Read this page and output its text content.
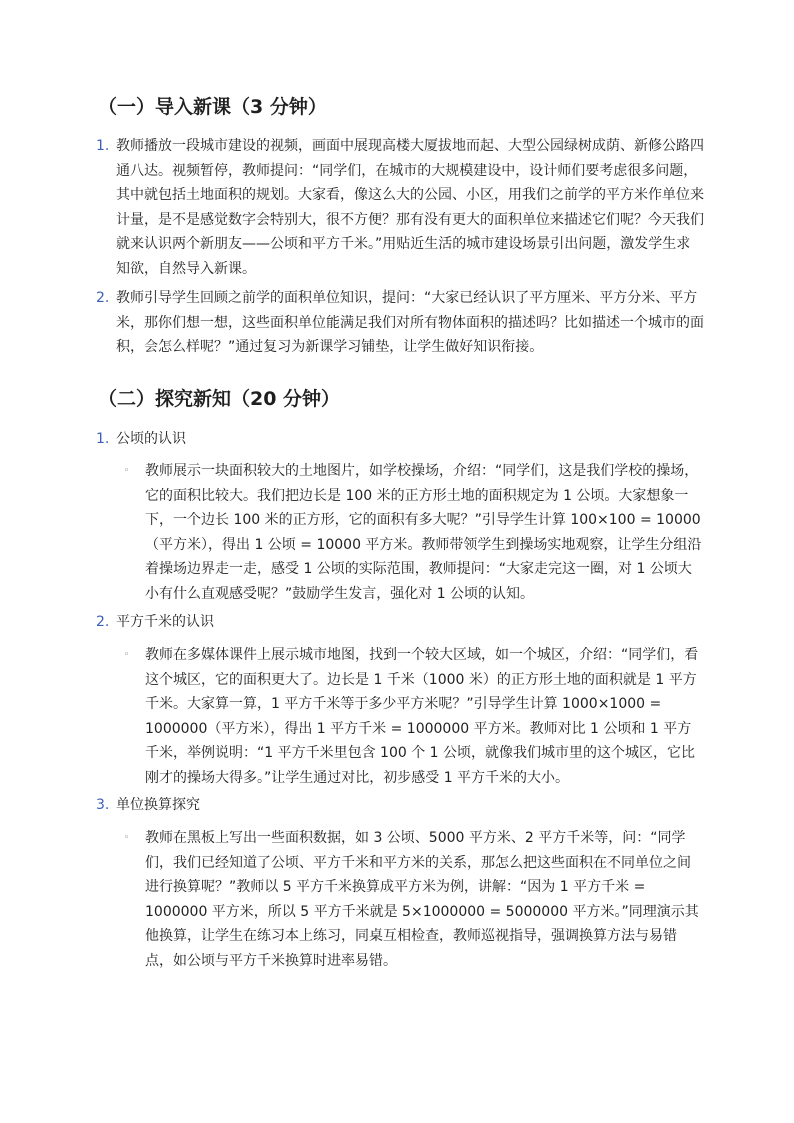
（一）导入新课（3 分钟）
1. 教师播放一段城市建设的视频，画面中展现高楼大厦拔地而起、大型公园绿树成荫、新修公路四通八达。视频暂停，教师提问：“同学们，在城市的大规模建设中，设计师们要考虑很多问题，其中就包括土地面积的规划。大家看，像这么大的公园、小区，用我们之前学的平方米作单位来计量，是不是感觉数字会特别大，很不方便？那有没有更大的面积单位来描述它们呢？今天我们就来认识两个新朋友——公顷和平方千米。”用贴近生活的城市建设场景引出问题，激发学生求知欲，自然导入新课。

2. 教师引导学生回顾之前学的面积单位知识，提问：“大家已经认识了平方厘米、平方分米、平方米，那你们想一想，这些面积单位能满足我们对所有物体面积的描述吗？比如描述一个城市的面积，会怎么样呢？”通过复习为新课学习铺垫，让学生做好知识衔接。

（二）探究新知（20 分钟）
1. 公顷的认识
◦ 教师展示一块面积较大的土地图片，如学校操场，介绍：“同学们，这是我们学校的操场，它的面积比较大。我们把边长是 100 米的正方形土地的面积规定为 1 公顷。大家想象一下，一个边长 100 米的正方形，它的面积有多大呢？”引导学生计算 100×100 = 10000（平方米），得出 1 公顷 = 10000 平方米。教师带领学生到操场实地观察，让学生分组沿着操场边界走一走，感受 1 公顷的实际范围，教师提问：“大家走完这一圈，对 1 公顷大小有什么直观感受呢？”鼓励学生发言，强化对 1 公顷的认知。

2. 平方千米的认识
◦ 教师在多媒体课件上展示城市地图，找到一个较大区域，如一个城区，介绍：“同学们，看这个城区，它的面积更大了。边长是 1 千米（1000 米）的正方形土地的面积就是 1 平方千米。大家算一算，1 平方千米等于多少平方米呢？”引导学生计算 1000×1000 = 1000000（平方米），得出 1 平方千米 = 1000000 平方米。教师对比 1 公顷和 1 平方千米，举例说明：“1 平方千米里包含 100 个 1 公顷，就像我们城市里的这个城区，它比刚才的操场大得多。”让学生通过对比，初步感受 1 平方千米的大小。

3. 单位换算探究
◦ 教师在黑板上写出一些面积数据，如 3 公顷、5000 平方米、2 平方千米等，问：“同学们，我们已经知道了公顷、平方千米和平方米的关系，那怎么把这些面积在不同单位之间进行换算呢？”教师以 5 平方千米换算成平方米为例，讲解：“因为 1 平方千米 = 1000000 平方米，所以 5 平方千米就是 5×1000000 = 5000000 平方米。”同理演示其他换算，让学生在练习本上练习，同桌互相检查，教师巡视指导，强调换算方法与易错点，如公顷与平方千米换算时进率易错。
